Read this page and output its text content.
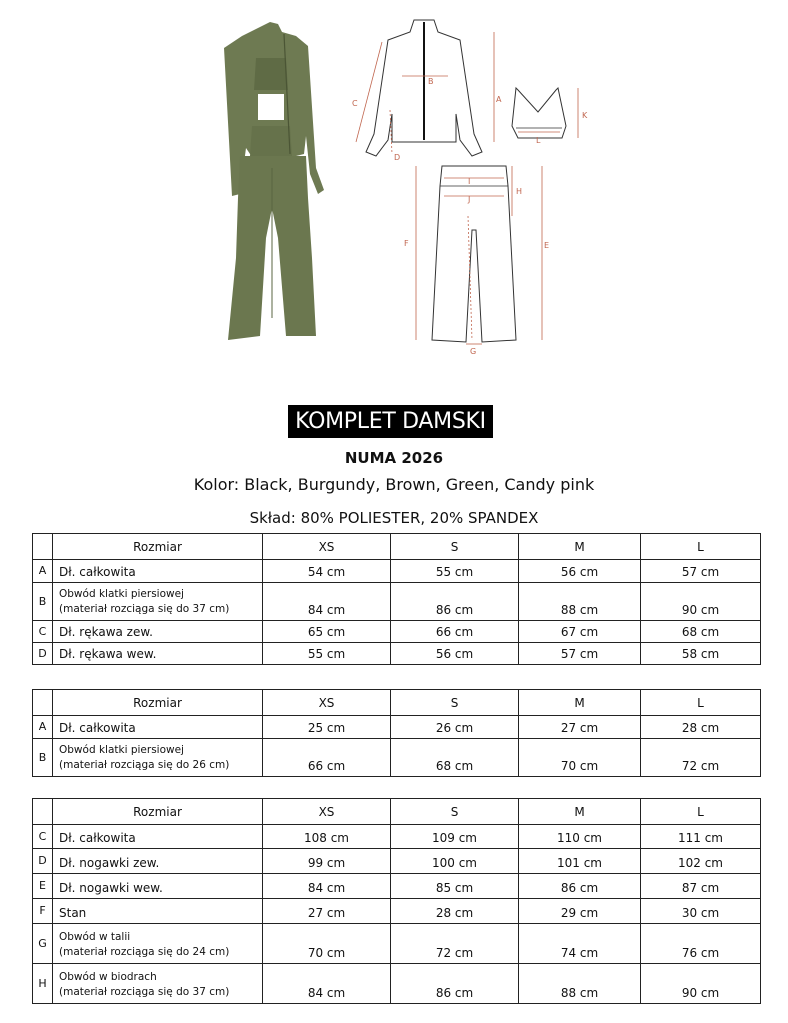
B
A
C
D
L
K
I
J
H
F	E
G
KOMPLET DAMSKI
NUMA 2026
Kolor: Black, Burgundy, Brown, Green, Candy pink
Skład: 80% POLIESTER, 20% SPANDEX
	Rozmiar	XS	S	M	L
A	Dł. całkowita	54 cm	55 cm	56 cm	57 cm
B	Obwód klatki piersiowej
(materiał rozciąga się do 37 cm)	84 cm	86 cm	88 cm	90 cm
C	Dł. rękawa zew.	65 cm	66 cm	67 cm	68 cm
D	Dł. rękawa wew.	55 cm	56 cm	57 cm	58 cm
	Rozmiar	XS	S	M	L
A	Dł. całkowita	25 cm	26 cm	27 cm	28 cm
B	Obwód klatki piersiowej
(materiał rozciąga się do 26 cm)	66 cm	68 cm	70 cm	72 cm
	Rozmiar	XS	S	M	L
C	Dł. całkowita	108 cm	109 cm	110 cm	111 cm
D	Dł. nogawki zew.	99 cm	100 cm	101 cm	102 cm
E	Dł. nogawki wew.	84 cm	85 cm	86 cm	87 cm
F	Stan	27 cm	28 cm	29 cm	30 cm
G	Obwód w talii
(materiał rozciąga się do 24 cm)	70 cm	72 cm	74 cm	76 cm
H	Obwód w biodrach
(materiał rozciąga się do 37 cm)	84 cm	86 cm	88 cm	90 cm
